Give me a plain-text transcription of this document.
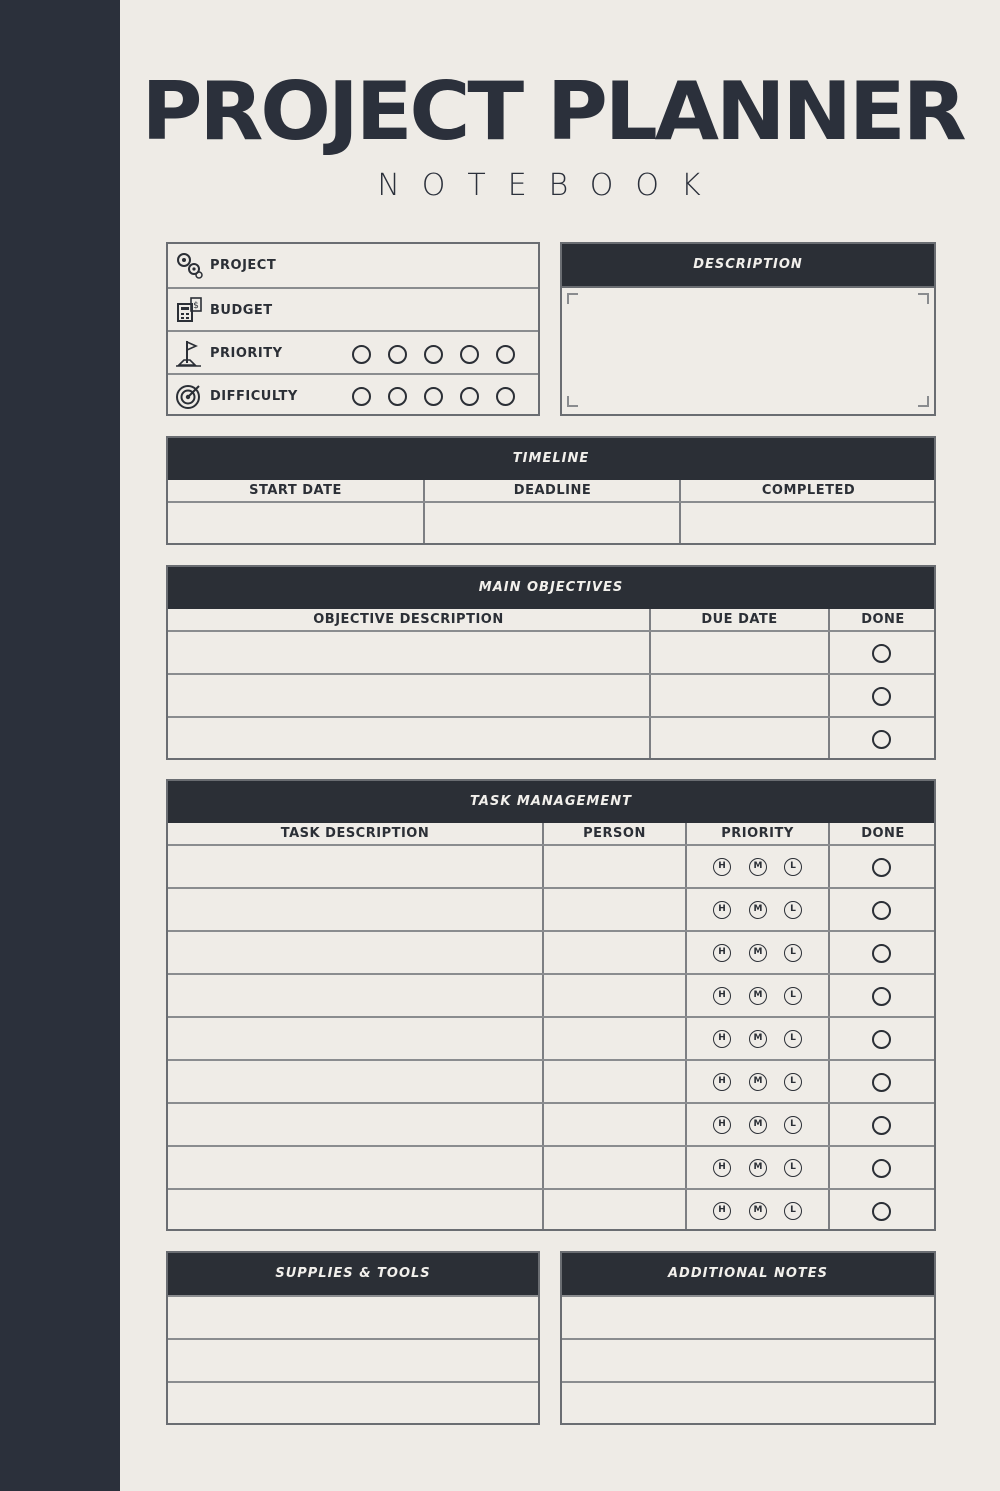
PROJECT PLANNER
NOTEBOOK
PROJECT
$ BUDGET
PRIORITY
DIFFICULTY
DESCRIPTION
TIMELINE
START DATE	DEADLINE	COMPLETED
MAIN OBJECTIVES
OBJECTIVE DESCRIPTION	DUE DATE	DONE
TASK MANAGEMENT
TASK DESCRIPTION	PERSON	PRIORITY	DONE
H	M	L
H	M	L
H	M	L
H	M	L
H	M	L
H	M	L
H	M	L
H	M	L
H	M	L
SUPPLIES & TOOLS	ADDITIONAL NOTES
